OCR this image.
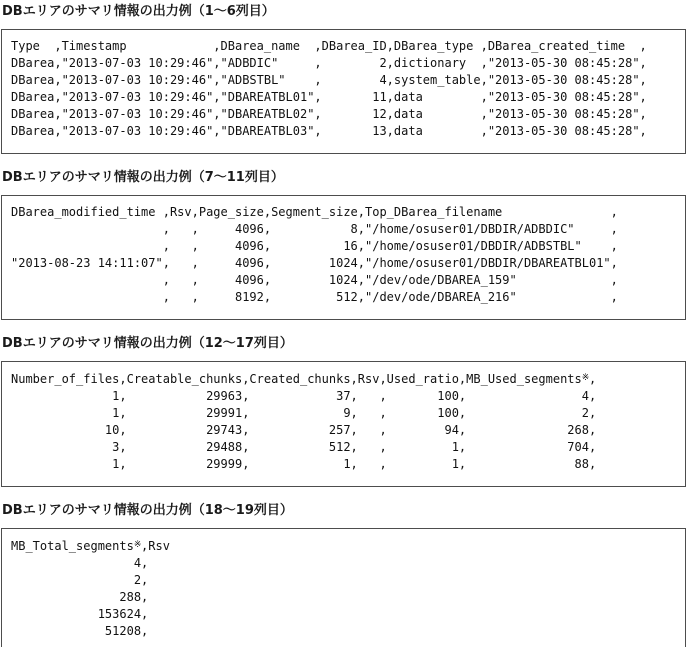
DBエリアのサマリ情報の出力例（1～6列目）
Type  ,Timestamp            ,DBarea_name  ,DBarea_ID,DBarea_type ,DBarea_created_time  ,
DBarea,"2013-07-03 10:29:46","ADBDIC"     ,        2,dictionary  ,"2013-05-30 08:45:28",
DBarea,"2013-07-03 10:29:46","ADBSTBL"    ,        4,system_table,"2013-05-30 08:45:28",
DBarea,"2013-07-03 10:29:46","DBAREATBL01",       11,data        ,"2013-05-30 08:45:28",
DBarea,"2013-07-03 10:29:46","DBAREATBL02",       12,data        ,"2013-05-30 08:45:28",
DBarea,"2013-07-03 10:29:46","DBAREATBL03",       13,data        ,"2013-05-30 08:45:28",
DBエリアのサマリ情報の出力例（7～11列目）
DBarea_modified_time ,Rsv,Page_size,Segment_size,Top_DBarea_filename               ,
,   ,     4096,           8,"/home/osuser01/DBDIR/ADBDIC"     ,
,   ,     4096,          16,"/home/osuser01/DBDIR/ADBSTBL"    ,
"2013-08-23 14:11:07",   ,     4096,        1024,"/home/osuser01/DBDIR/DBAREATBL01",
,   ,     4096,        1024,"/dev/ode/DBAREA_159"             ,
,   ,     8192,         512,"/dev/ode/DBAREA_216"             ,
DBエリアのサマリ情報の出力例（12～17列目）
Number_of_files,Creatable_chunks,Created_chunks,Rsv,Used_ratio,MB_Used_segments※,
1,           29963,            37,   ,       100,                4,
1,           29991,             9,   ,       100,                2,
10,           29743,           257,   ,        94,              268,
3,           29488,           512,   ,         1,              704,
1,           29999,             1,   ,         1,               88,
DBエリアのサマリ情報の出力例（18～19列目）
MB_Total_segments※,Rsv
4,
2,
288,
153624,
51208,
